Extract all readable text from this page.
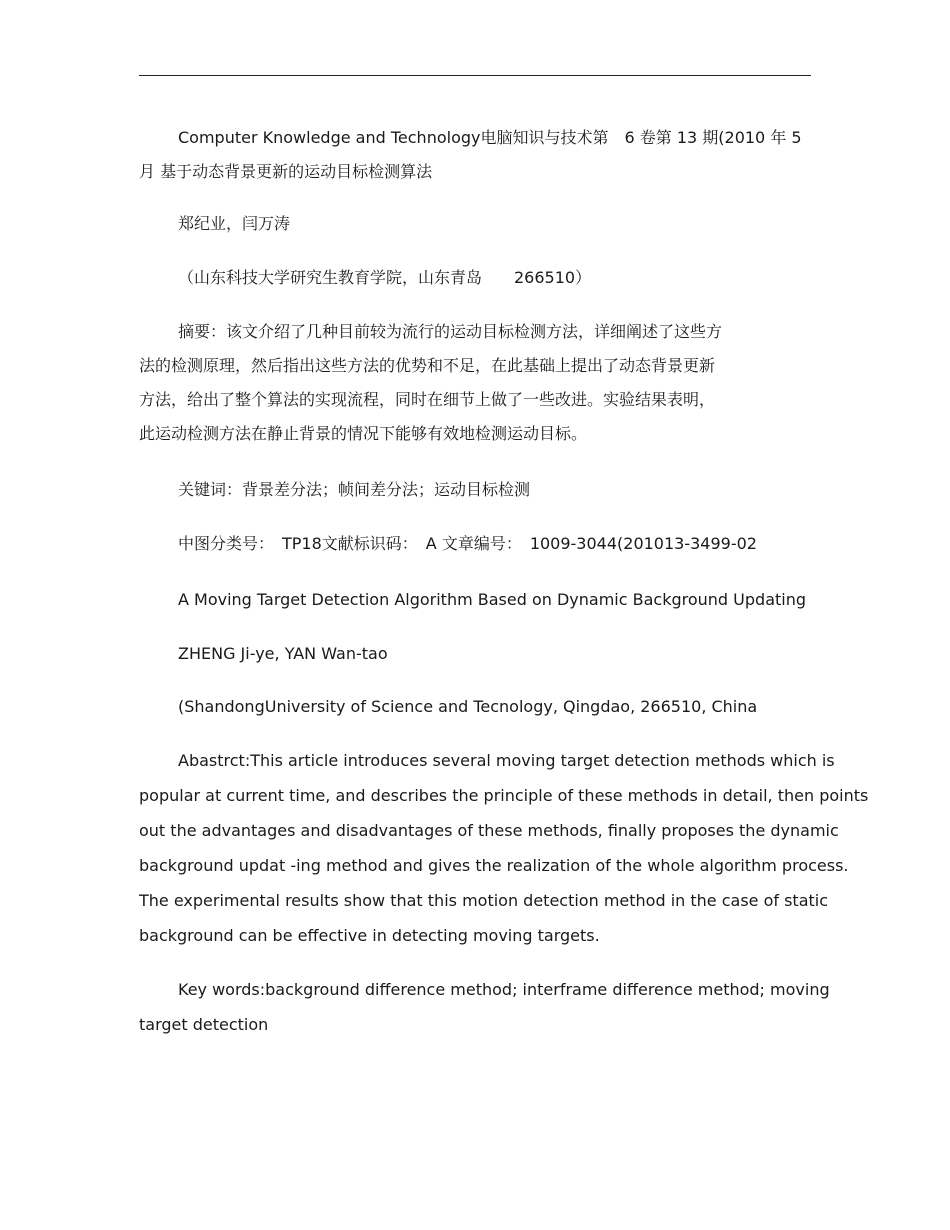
Computer Knowledge and Technology电脑知识与技术第　6 卷第 13 期(2010 年 5
月 基于动态背景更新的运动目标检测算法
郑纪业，闫万涛
（山东科技大学研究生教育学院，山东青岛　　266510）
摘要：该文介绍了几种目前较为流行的运动目标检测方法，详细阐述了这些方
法的检测原理，然后指出这些方法的优势和不足，在此基础上提出了动态背景更新
方法，给出了整个算法的实现流程，同时在细节上做了一些改进。实验结果表明，
此运动检测方法在静止背景的情况下能够有效地检测运动目标。
关键词：背景差分法；帧间差分法；运动目标检测
中图分类号：　TP18文献标识码：　A 文章编号：　1009-3044(201013-3499-02
A Moving Target Detection Algorithm Based on Dynamic Background Updating
ZHENG Ji-ye, YAN Wan-tao
(ShandongUniversity of Science and Tecnology, Qingdao, 266510, China
Abastrct:This article introduces several moving target detection methods which is
popular at current time, and describes the principle of these methods in detail, then points
out the advantages and disadvantages of these methods, finally proposes the dynamic
background updat -ing method and gives the realization of the whole algorithm process.
The experimental results show that this motion detection method in the case of static
background can be effective in detecting moving targets.
Key words:background difference method; interframe difference method; moving
target detection
